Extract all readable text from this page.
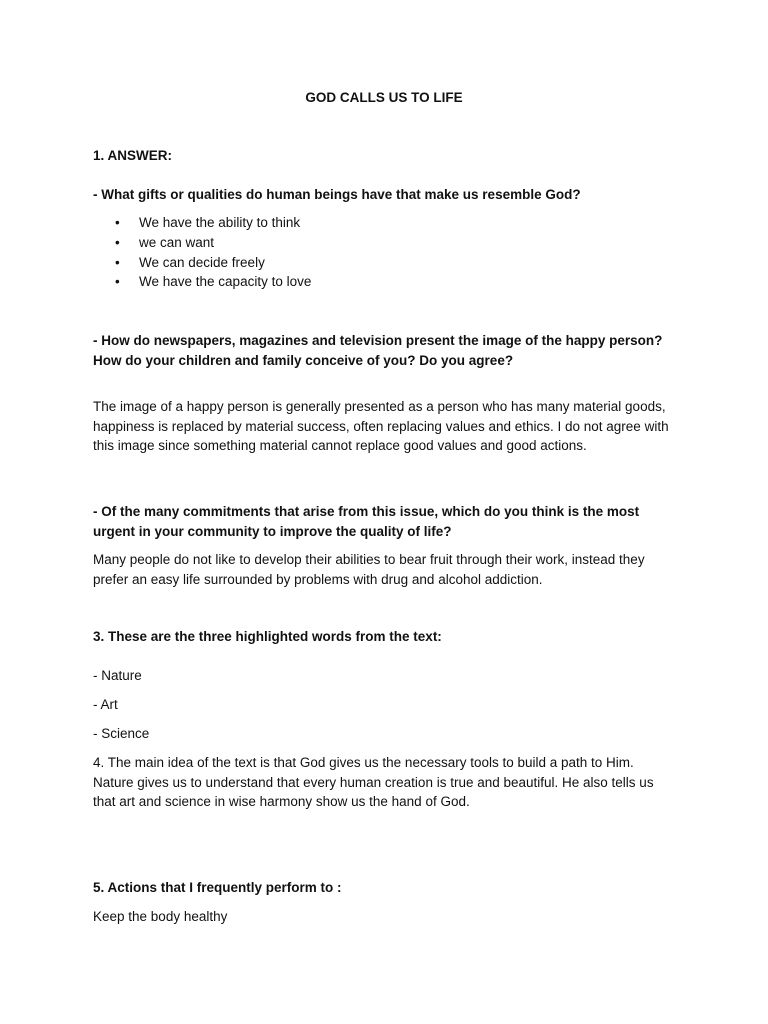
GOD CALLS US TO LIFE

1. ANSWER:

- What gifts or qualities do human beings have that make us resemble God?

• We have the ability to think
• we can want
• We can decide freely
• We have the capacity to love

- How do newspapers, magazines and television present the image of the happy person? How do your children and family conceive of you? Do you agree?

The image of a happy person is generally presented as a person who has many material goods, happiness is replaced by material success, often replacing values and ethics. I do not agree with this image since something material cannot replace good values and good actions.

- Of the many commitments that arise from this issue, which do you think is the most urgent in your community to improve the quality of life?

Many people do not like to develop their abilities to bear fruit through their work, instead they prefer an easy life surrounded by problems with drug and alcohol addiction.

3. These are the three highlighted words from the text:

- Nature

- Art

- Science

4. The main idea of the text is that God gives us the necessary tools to build a path to Him. Nature gives us to understand that every human creation is true and beautiful. He also tells us that art and science in wise harmony show us the hand of God.

5. Actions that I frequently perform to :

Keep the body healthy
